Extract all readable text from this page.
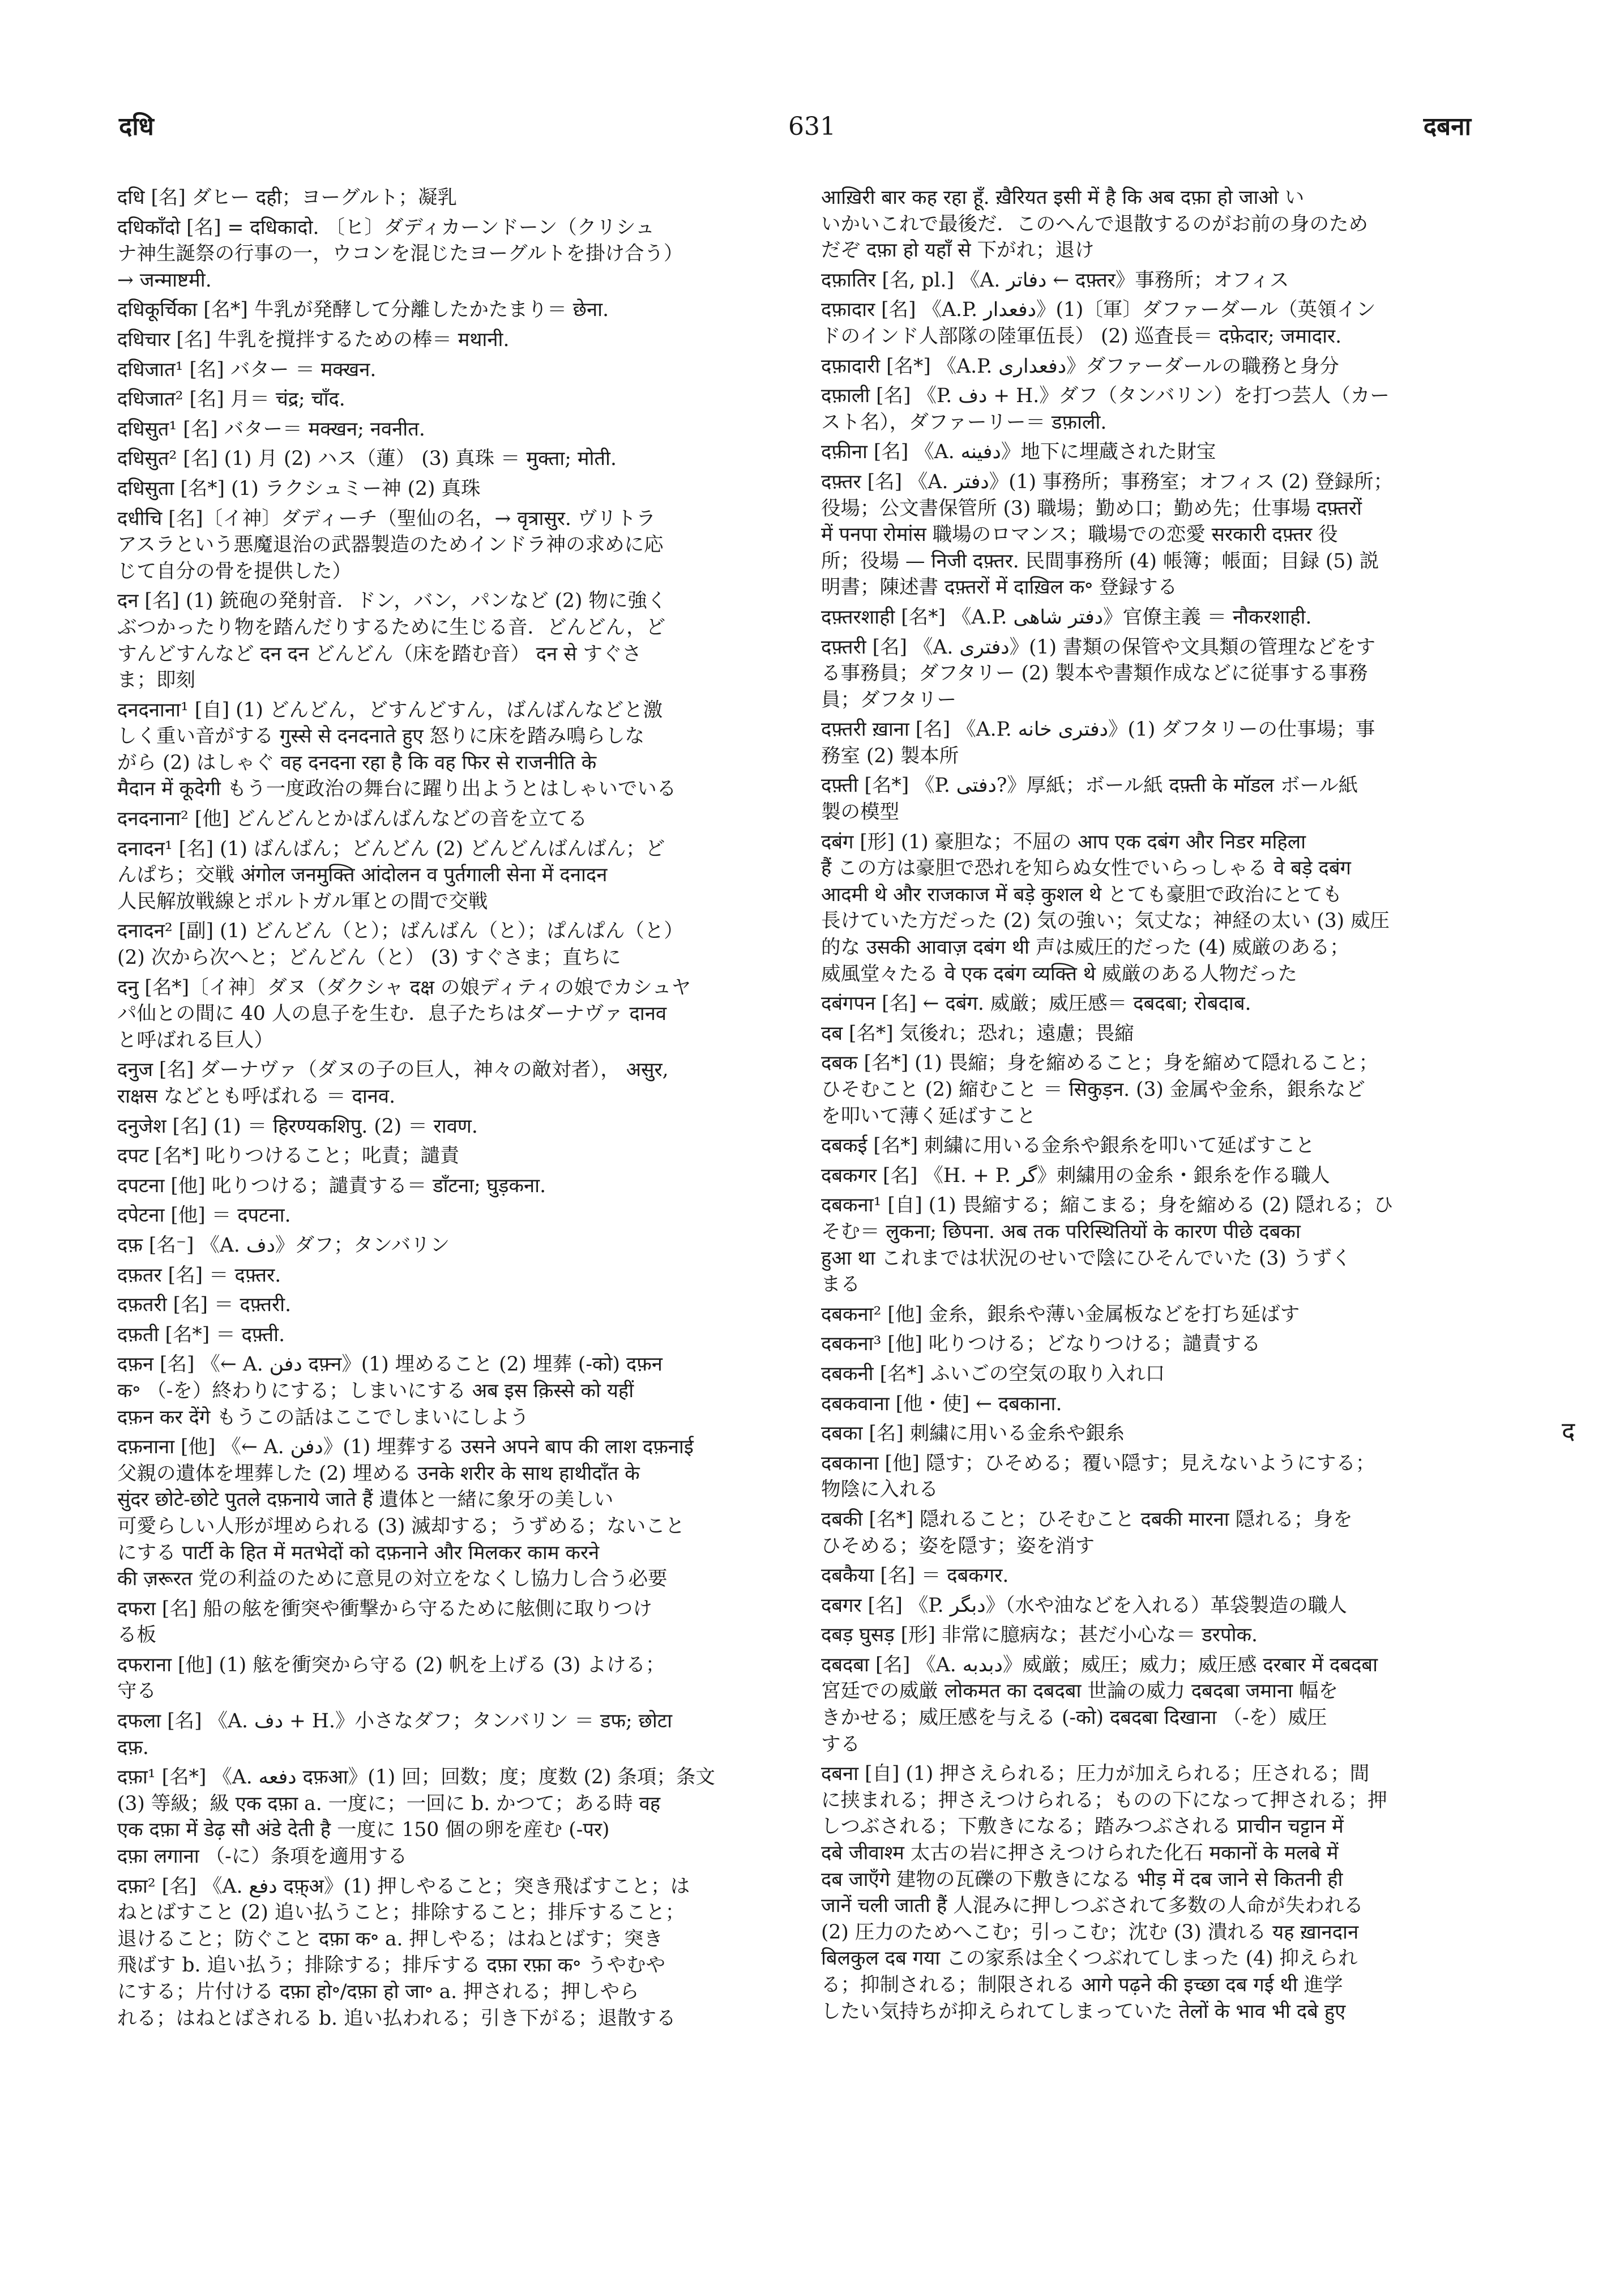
दधि	631	दबना
दधि [名] ダヒー दही；ヨーグルト；凝乳
दधिकाँदो [名] = दधिकादो. 〔ヒ〕ダディカーンドーン（クリシュ
ナ神生誕祭の行事の一，ウコンを混じたヨーグルトを掛け合う）
→ जन्माष्टमी.
दधिकूर्चिका [名*] 牛乳が発酵して分離したかたまり＝ छेना.
दधिचार [名] 牛乳を撹拌するための棒＝ मथानी.
दधिजात¹ [名] バター ＝ मक्खन.
दधिजात² [名] 月＝ चंद्र; चाँद.
दधिसुत¹ [名] バター＝ मक्खन; नवनीत.
दधिसुत² [名] (1) 月 (2) ハス（蓮） (3) 真珠 ＝ मुक्ता; मोती.
दधिसुता [名*] (1) ラクシュミー神 (2) 真珠
दधीचि [名]〔イ神〕ダディーチ（聖仙の名，→ वृत्रासुर. ヴリトラ
アスラという悪魔退治の武器製造のためインドラ神の求めに応
じて自分の骨を提供した）
दन [名] (1) 銃砲の発射音．ドン，バン，パンなど (2) 物に強く
ぶつかったり物を踏んだりするために生じる音．どんどん，ど
すんどすんなど दन दन どんどん（床を踏む音） दन से すぐさ
ま；即刻
दनदनाना¹ [自] (1) どんどん，どすんどすん，ばんばんなどと激
しく重い音がする गुस्से से दनदनाते हुए 怒りに床を踏み鳴らしな
がら (2) はしゃぐ वह दनदना रहा है कि वह फिर से राजनीति के
मैदान में कूदेगी もう一度政治の舞台に躍り出ようとはしゃいでいる
दनदनाना² [他] どんどんとかばんばんなどの音を立てる
दनादन¹ [名] (1) ばんばん；どんどん (2) どんどんばんばん；ど
んぱち；交戦 अंगोल जनमुक्ति आंदोलन व पुर्तगाली सेना में दनादन
人民解放戦線とポルトガル軍との間で交戦
दनादन² [副] (1) どんどん（と）；ばんばん（と）；ぱんぱん（と）
(2) 次から次へと；どんどん（と） (3) すぐさま；直ちに
दनु [名*]〔イ神〕ダヌ（ダクシャ दक्ष の娘ディティの娘でカシュヤ
パ仙との間に 40 人の息子を生む．息子たちはダーナヴァ दानव
と呼ばれる巨人）
दनुज [名] ダーナヴァ（ダヌの子の巨人，神々の敵対者）， असुर,
राक्षस などとも呼ばれる ＝ दानव.
दनुजेश [名] (1) ＝ हिरण्यकशिपु. (2) ＝ रावण.
दपट [名*] 叱りつけること；叱責；譴責
दपटना [他] 叱りつける；譴責する＝ डाँटना; घुड़कना.
दपेटना [他] ＝ दपटना.
दफ़ [名⁻] 《A. دف》ダフ；タンバリン
दफ़तर [名] ＝ दफ़्तर.
दफ़तरी [名] ＝ दफ़्तरी.
दफ़ती [名*] ＝ दफ़्ती.
दफ़न [名] 《← A. دفن दफ़्न》(1) 埋めること (2) 埋葬 (-को) दफ़न
क॰ （-を）終わりにする；しまいにする अब इस क़िस्से को यहीं
दफ़न कर देंगे もうこの話はここでしまいにしよう
दफ़नाना [他] 《← A. دفن》(1) 埋葬する उसने अपने बाप की लाश दफ़नाई
父親の遺体を埋葬した (2) 埋める उनके शरीर के साथ हाथीदाँत के
सुंदर छोटे-छोटे पुतले दफ़नाये जाते हैं 遺体と一緒に象牙の美しい
可愛らしい人形が埋められる (3) 滅却する；うずめる；ないこと
にする पार्टी के हित में मतभेदों को दफ़नाने और मिलकर काम करने
की ज़रूरत 党の利益のために意見の対立をなくし協力し合う必要
दफरा [名] 船の舷を衝突や衝撃から守るために舷側に取りつけ
る板
दफराना [他] (1) 舷を衝突から守る (2) 帆を上げる (3) よける；
守る
दफला [名] 《A. دف + H.》小さなダフ；タンバリン ＝ डफ; छोटा
दफ़.
दफ़ा¹ [名*] 《A. دفعه दफ़आ》(1) 回；回数；度；度数 (2) 条項；条文
(3) 等級；級 एक दफ़ा a. 一度に；一回に b. かつて；ある時 वह
एक दफ़ा में डेढ़ सौ अंडे देती है 一度に 150 個の卵を産む (-पर)
दफ़ा लगाना （-に）条項を適用する
दफ़ा² [名] 《A. دفع दफ़्अ》(1) 押しやること；突き飛ばすこと；は
ねとばすこと (2) 追い払うこと；排除すること；排斥すること；
退けること；防ぐこと दफ़ा क॰ a. 押しやる；はねとばす；突き
飛ばす b. 追い払う；排除する；排斥する दफ़ा रफ़ा क॰ うやむや
にする；片付ける दफ़ा हो॰/दफ़ा हो जा॰ a. 押される；押しやら
れる；はねとばされる b. 追い払われる；引き下がる；退散する
आख़िरी बार कह रहा हूँ. ख़ैरियत इसी में है कि अब दफ़ा हो जाओ い
いかいこれで最後だ．このへんで退散するのがお前の身のため
だぞ दफ़ा हो यहाँ से 下がれ；退け
दफ़ातिर [名, pl.] 《A. دفاتر ← दफ़्तर》事務所；オフィス
दफ़ादार [名] 《A.P. دفعدار》(1)〔軍〕ダファーダール（英領イン
ドのインド人部隊の陸軍伍長） (2) 巡査長＝ दफ़ेदार; जमादार.
दफ़ादारी [名*] 《A.P. دفعداری》ダファーダールの職務と身分
दफ़ाली [名] 《P. دف + H.》ダフ（タンバリン）を打つ芸人（カー
スト名），ダファーリー＝ डफ़ाली.
दफ़ीना [名] 《A. دفینه》地下に埋蔵された財宝
दफ़्तर [名] 《A. دفتر》(1) 事務所；事務室；オフィス (2) 登録所；
役場；公文書保管所 (3) 職場；勤め口；勤め先；仕事場 दफ़्तरों
में पनपा रोमांस 職場のロマンス；職場での恋愛 सरकारी दफ़्तर 役
所；役場 — निजी दफ़्तर. 民間事務所 (4) 帳簿；帳面；目録 (5) 説
明書；陳述書 दफ़्तरों में दाख़िल क॰ 登録する
दफ़्तरशाही [名*] 《A.P. دفتر شاهی》官僚主義 ＝ नौकरशाही.
दफ़्तरी [名] 《A. دفتری》(1) 書類の保管や文具類の管理などをす
る事務員；ダフタリー (2) 製本や書類作成などに従事する事務
員；ダフタリー
दफ़्तरी ख़ाना [名] 《A.P. دفتری خانه》(1) ダフタリーの仕事場；事
務室 (2) 製本所
दफ़्ती [名*] 《P. دفتی?》厚紙；ボール紙 दफ़्ती के मॉडल ボール紙
製の模型
दबंग [形] (1) 豪胆な；不屈の आप एक दबंग और निडर महिला
हैं この方は豪胆で恐れを知らぬ女性でいらっしゃる वे बड़े दबंग
आदमी थे और राजकाज में बड़े कुशल थे とても豪胆で政治にとても
長けていた方だった (2) 気の強い；気丈な；神経の太い (3) 威圧
的な उसकी आवाज़ दबंग थी 声は威圧的だった (4) 威厳のある；
威風堂々たる वे एक दबंग व्यक्ति थे 威厳のある人物だった
दबंगपन [名] ← दबंग. 威厳；威圧感＝ दबदबा; रोबदाब.
दब [名*] 気後れ；恐れ；遠慮；畏縮
दबक [名*] (1) 畏縮；身を縮めること；身を縮めて隠れること；
ひそむこと (2) 縮むこと ＝ सिकुड़न. (3) 金属や金糸，銀糸など
を叩いて薄く延ばすこと
दबकई [名*] 刺繍に用いる金糸や銀糸を叩いて延ばすこと
दबकगर [名] 《H. + P. گر》刺繍用の金糸・銀糸を作る職人
दबकना¹ [自] (1) 畏縮する；縮こまる；身を縮める (2) 隠れる；ひ
そむ＝ लुकना; छिपना. अब तक परिस्थितियों के कारण पीछे दबका
हुआ था これまでは状況のせいで陰にひそんでいた (3) うずく
まる
दबकना² [他] 金糸，銀糸や薄い金属板などを打ち延ばす
दबकना³ [他] 叱りつける；どなりつける；譴責する
दबकनी [名*] ふいごの空気の取り入れ口
दबकवाना [他・使] ← दबकाना.
दबका [名] 刺繍に用いる金糸や銀糸
दबकाना [他] 隠す；ひそめる；覆い隠す；見えないようにする；
物陰に入れる
दबकी [名*] 隠れること；ひそむこと दबकी मारना 隠れる；身を
ひそめる；姿を隠す；姿を消す
दबकैया [名] ＝ दबकगर.
दबगर [名] 《P. دبگر》（水や油などを入れる）革袋製造の職人
दबड़ घुसड़ [形] 非常に臆病な；甚だ小心な＝ डरपोक.
दबदबा [名] 《A. دبدبه》威厳；威圧；威力；威圧感 दरबार में दबदबा
宮廷での威厳 लोकमत का दबदबा 世論の威力 दबदबा जमाना 幅を
きかせる；威圧感を与える (-को) दबदबा दिखाना （-を）威圧
する
दबना [自] (1) 押さえられる；圧力が加えられる；圧される；間
に挟まれる；押さえつけられる；ものの下になって押される；押
しつぶされる；下敷きになる；踏みつぶされる प्राचीन चट्टान में
दबे जीवाश्म 太古の岩に押さえつけられた化石 मकानों के मलबे में
दब जाएँगे 建物の瓦礫の下敷きになる भीड़ में दब जाने से कितनी ही
जानें चली जाती हैं 人混みに押しつぶされて多数の人命が失われる
(2) 圧力のためへこむ；引っこむ；沈む (3) 潰れる यह ख़ानदान
बिलकुल दब गया この家系は全くつぶれてしまった (4) 抑えられ
る；抑制される；制限される आगे पढ़ने की इच्छा दब गई थी 進学
したい気持ちが抑えられてしまっていた तेलों के भाव भी दबे हुए
द
